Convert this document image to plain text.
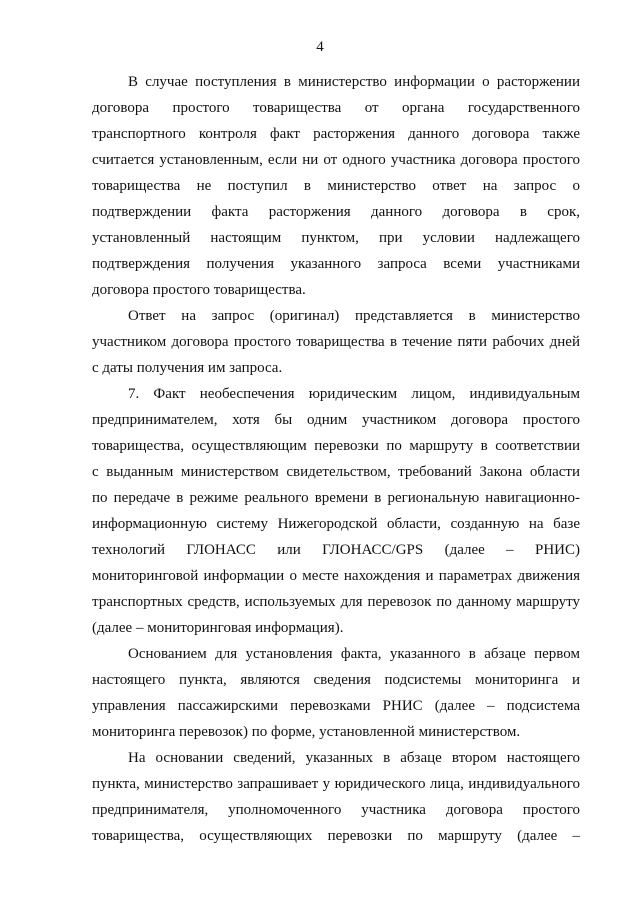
4
В случае поступления в министерство информации о расторжении
договора простого товарищества от органа государственного
транспортного контроля факт расторжения данного договора также
считается установленным, если ни от одного участника договора простого
товарищества не поступил в министерство ответ на запрос о
подтверждении факта расторжения данного договора в срок,
установленный настоящим пунктом, при условии надлежащего
подтверждения получения указанного запроса всеми участниками
договора простого товарищества.
Ответ на запрос (оригинал) представляется в министерство
участником договора простого товарищества в течение пяти рабочих дней
с даты получения им запроса.
7. Факт необеспечения юридическим лицом, индивидуальным
предпринимателем, хотя бы одним участником договора простого
товарищества, осуществляющим перевозки по маршруту в соответствии
с выданным министерством свидетельством, требований Закона области
по передаче в режиме реального времени в региональную навигационно-
информационную систему Нижегородской области, созданную на базе
технологий ГЛОНАСС или ГЛОНАСС/GPS (далее – РНИС)
мониторинговой информации о месте нахождения и параметрах движения
транспортных средств, используемых для перевозок по данному маршруту
(далее – мониторинговая информация).
Основанием для установления факта, указанного в абзаце первом
настоящего пункта, являются сведения подсистемы мониторинга и
управления пассажирскими перевозками РНИС (далее – подсистема
мониторинга перевозок) по форме, установленной министерством.
На основании сведений, указанных в абзаце втором настоящего
пункта, министерство запрашивает у юридического лица, индивидуального
предпринимателя, уполномоченного участника договора простого
товарищества, осуществляющих перевозки по маршруту (далее –
